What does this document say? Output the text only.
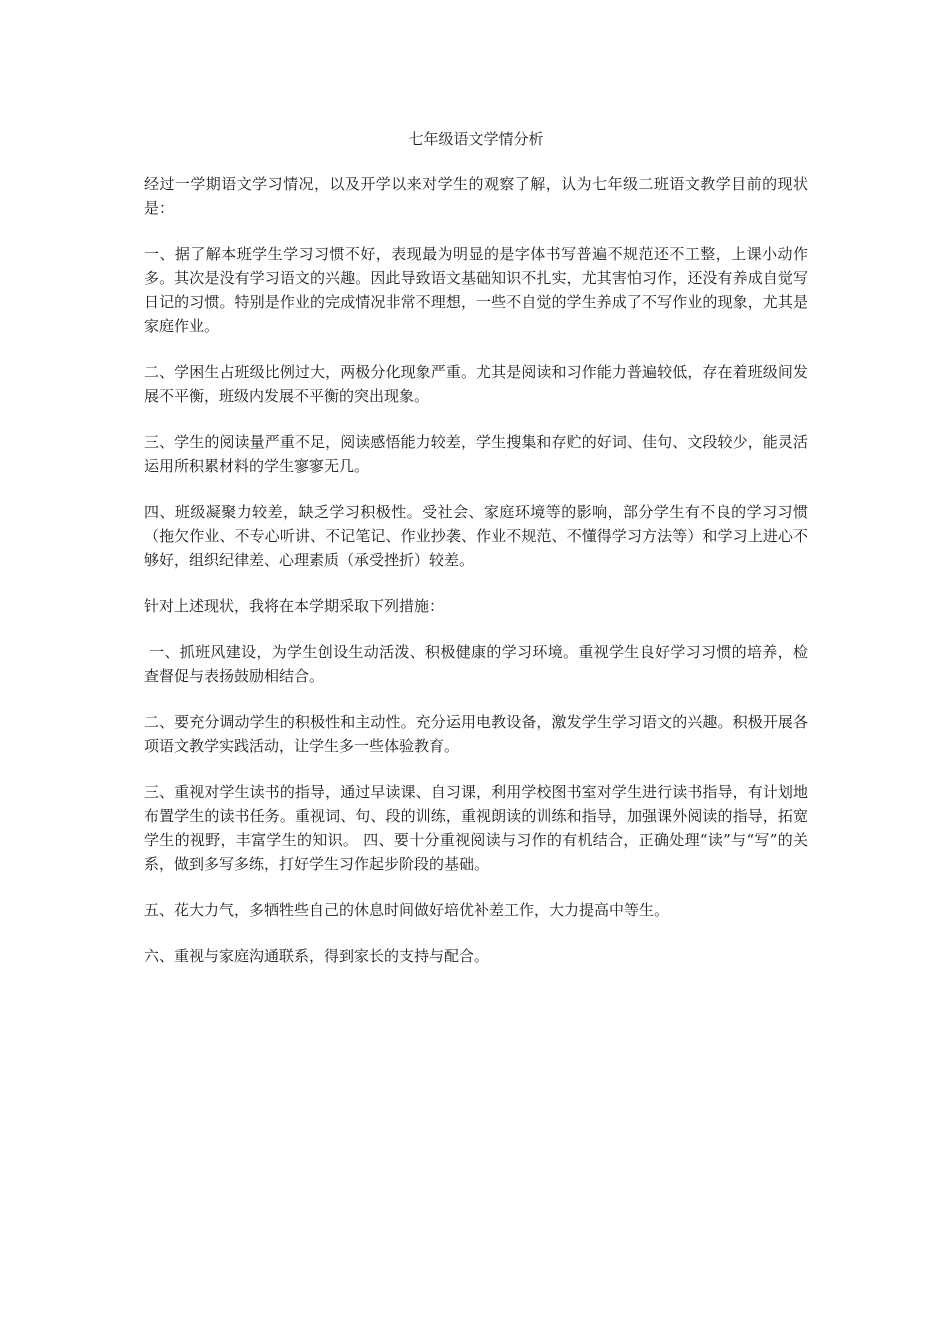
七年级语文学情分析

经过一学期语文学习情况，以及开学以来对学生的观察了解，认为七年级二班语文教学目前的现状是：

一、据了解本班学生学习习惯不好，表现最为明显的是字体书写普遍不规范还不工整，上课小动作多。其次是没有学习语文的兴趣。因此导致语文基础知识不扎实，尤其害怕习作，还没有养成自觉写日记的习惯。特别是作业的完成情况非常不理想，一些不自觉的学生养成了不写作业的现象，尤其是家庭作业。

二、学困生占班级比例过大，两极分化现象严重。尤其是阅读和习作能力普遍较低，存在着班级间发展不平衡，班级内发展不平衡的突出现象。

三、学生的阅读量严重不足，阅读感悟能力较差，学生搜集和存贮的好词、佳句、文段较少，能灵活运用所积累材料的学生寥寥无几。

四、班级凝聚力较差，缺乏学习积极性。受社会、家庭环境等的影响，部分学生有不良的学习习惯（拖欠作业、不专心听讲、不记笔记、作业抄袭、作业不规范、不懂得学习方法等）和学习上进心不够好，组织纪律差、心理素质（承受挫折）较差。

针对上述现状，我将在本学期采取下列措施：

一、抓班风建设，为学生创设生动活泼、积极健康的学习环境。重视学生良好学习习惯的培养，检查督促与表扬鼓励相结合。

二、要充分调动学生的积极性和主动性。充分运用电教设备，激发学生学习语文的兴趣。积极开展各项语文教学实践活动，让学生多一些体验教育。

三、重视对学生读书的指导，通过早读课、自习课，利用学校图书室对学生进行读书指导，有计划地布置学生的读书任务。重视词、句、段的训练，重视朗读的训练和指导，加强课外阅读的指导，拓宽学生的视野，丰富学生的知识。 四、要十分重视阅读与习作的有机结合，正确处理“读”与“写”的关系，做到多写多练，打好学生习作起步阶段的基础。

五、花大力气，多牺牲些自己的休息时间做好培优补差工作，大力提高中等生。

六、重视与家庭沟通联系，得到家长的支持与配合。
